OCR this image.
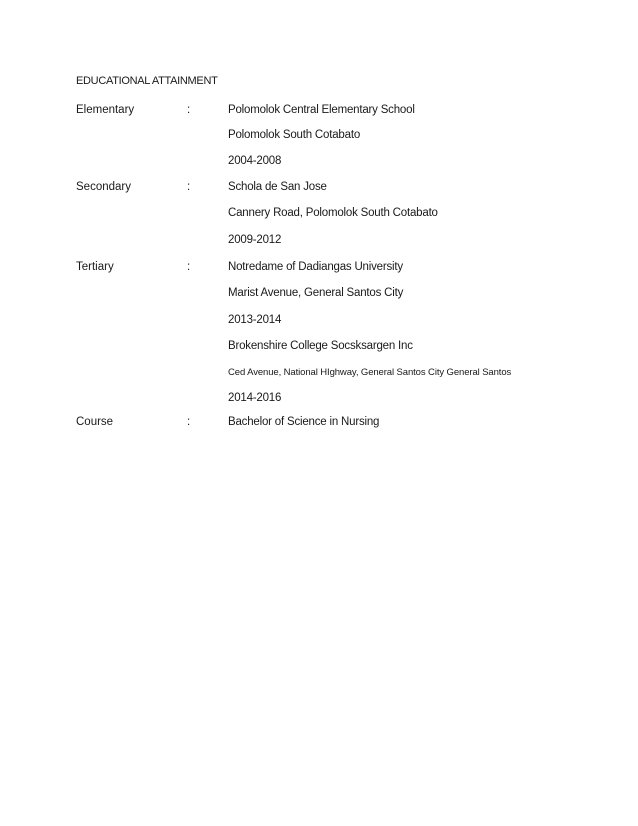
EDUCATIONAL ATTAINMENT
Elementary	:	Polomolok Central Elementary School
Polomolok South Cotabato
2004-2008
Secondary	:	Schola de San Jose
Cannery Road, Polomolok South Cotabato
2009-2012
Tertiary	:	Notredame of Dadiangas University
Marist Avenue, General Santos City
2013-2014
Brokenshire College Socsksargen Inc
Ced Avenue, National HIghway, General Santos City General Santos
2014-2016
Course	:	Bachelor of Science in Nursing
